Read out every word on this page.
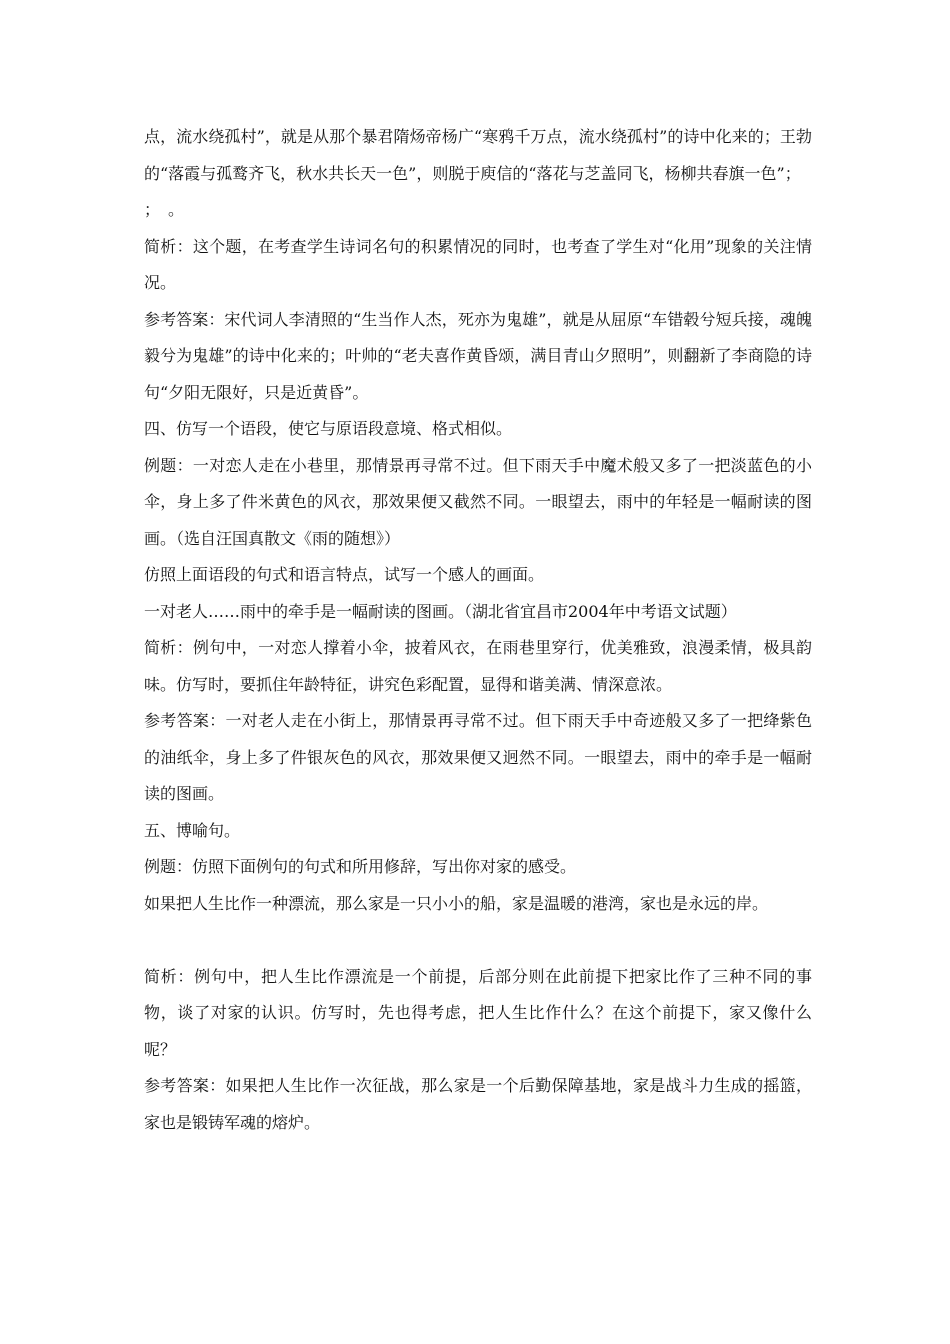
点，流水绕孤村”，就是从那个暴君隋炀帝杨广“寒鸦千万点，流水绕孤村”的诗中化来的；王勃的“落霞与孤鹜齐飞，秋水共长天一色”，则脱于庾信的“落花与芝盖同飞，杨柳共春旗一色”；

；　。

简析：这个题，在考查学生诗词名句的积累情况的同时，也考查了学生对“化用”现象的关注情况。

参考答案：宋代词人李清照的“生当作人杰，死亦为鬼雄”，就是从屈原“车错毂兮短兵接，魂魄毅兮为鬼雄”的诗中化来的；叶帅的“老夫喜作黄昏颂，满目青山夕照明”，则翻新了李商隐的诗句“夕阳无限好，只是近黄昏”。

四、仿写一个语段，使它与原语段意境、格式相似。

例题：一对恋人走在小巷里，那情景再寻常不过。但下雨天手中魔术般又多了一把淡蓝色的小伞，身上多了件米黄色的风衣，那效果便又截然不同。一眼望去，雨中的年轻是一幅耐读的图画。（选自汪国真散文《雨的随想》）

仿照上面语段的句式和语言特点，试写一个感人的画面。

一对老人……雨中的牵手是一幅耐读的图画。（湖北省宜昌市2004年中考语文试题）

简析：例句中，一对恋人撑着小伞，披着风衣，在雨巷里穿行，优美雅致，浪漫柔情，极具韵味。仿写时，要抓住年龄特征，讲究色彩配置，显得和谐美满、情深意浓。

参考答案：一对老人走在小街上，那情景再寻常不过。但下雨天手中奇迹般又多了一把绛紫色的油纸伞，身上多了件银灰色的风衣，那效果便又迥然不同。一眼望去，雨中的牵手是一幅耐读的图画。

五、博喻句。

例题：仿照下面例句的句式和所用修辞，写出你对家的感受。

如果把人生比作一种漂流，那么家是一只小小的船，家是温暖的港湾，家也是永远的岸。

简析：例句中，把人生比作漂流是一个前提，后部分则在此前提下把家比作了三种不同的事物，谈了对家的认识。仿写时，先也得考虑，把人生比作什么？在这个前提下，家又像什么呢？

参考答案：如果把人生比作一次征战，那么家是一个后勤保障基地，家是战斗力生成的摇篮，家也是锻铸军魂的熔炉。
